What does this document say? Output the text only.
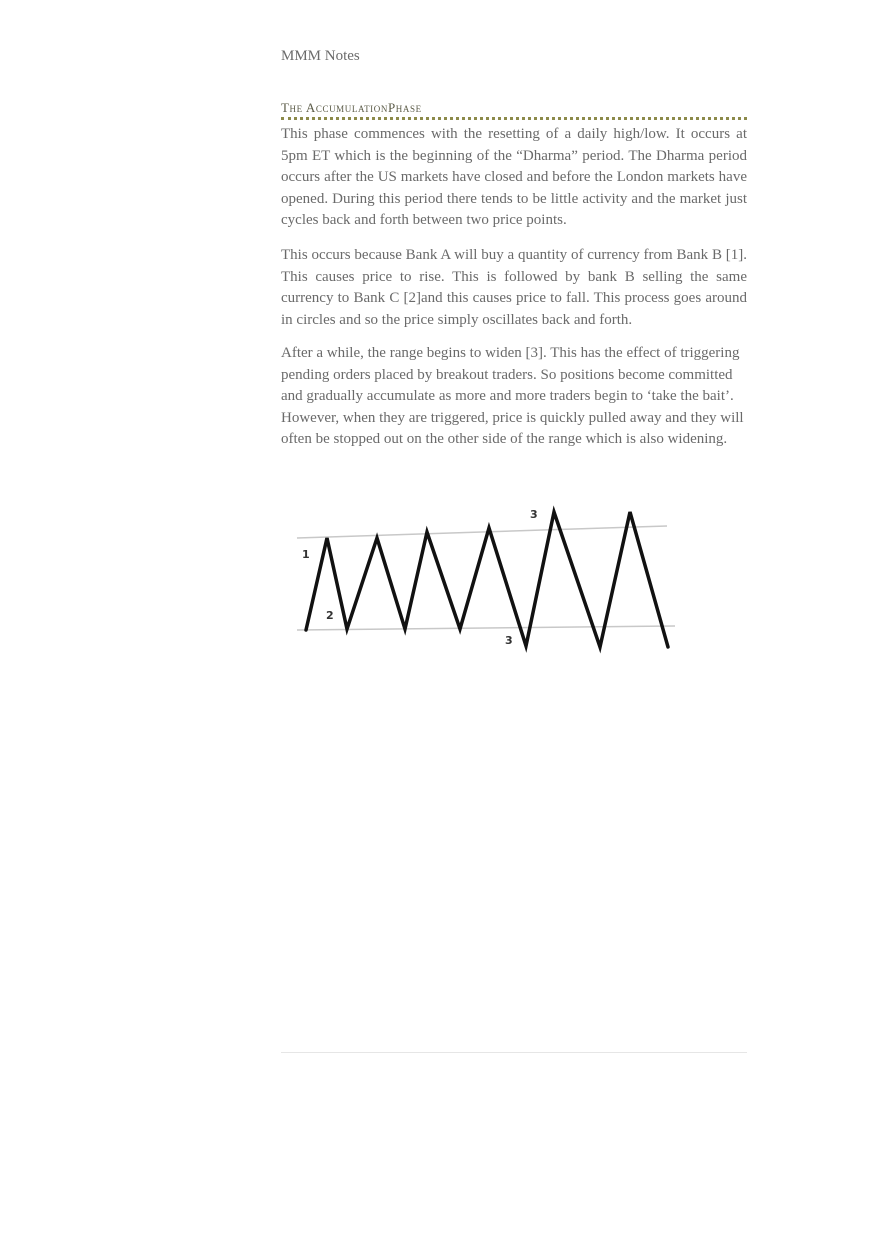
MMM Notes
The AccumulationPhase

This phase commences with the resetting of a daily high/low. It occurs at 5pm ET which is the beginning of the “Dharma” period. The Dharma period occurs after the US markets have closed and before the London markets have opened. During this period there tends to be little activity and the market just cycles back and forth between two price points.

This occurs because Bank A will buy a quantity of currency from Bank B [1]. This causes price to rise. This is followed by bank B selling the same currency to Bank C [2]and this causes price to fall. This process goes around in circles and so the price simply oscillates back and forth.

After a while, the range begins to widen [3]. This has the effect of triggering pending orders placed by breakout traders. So positions become committed and gradually accumulate as more and more traders begin to ‘take the bait’. However, when they are triggered, price is quickly pulled away and they will often be stopped out on the other side of the range which is also widening.

1
2
3
3
